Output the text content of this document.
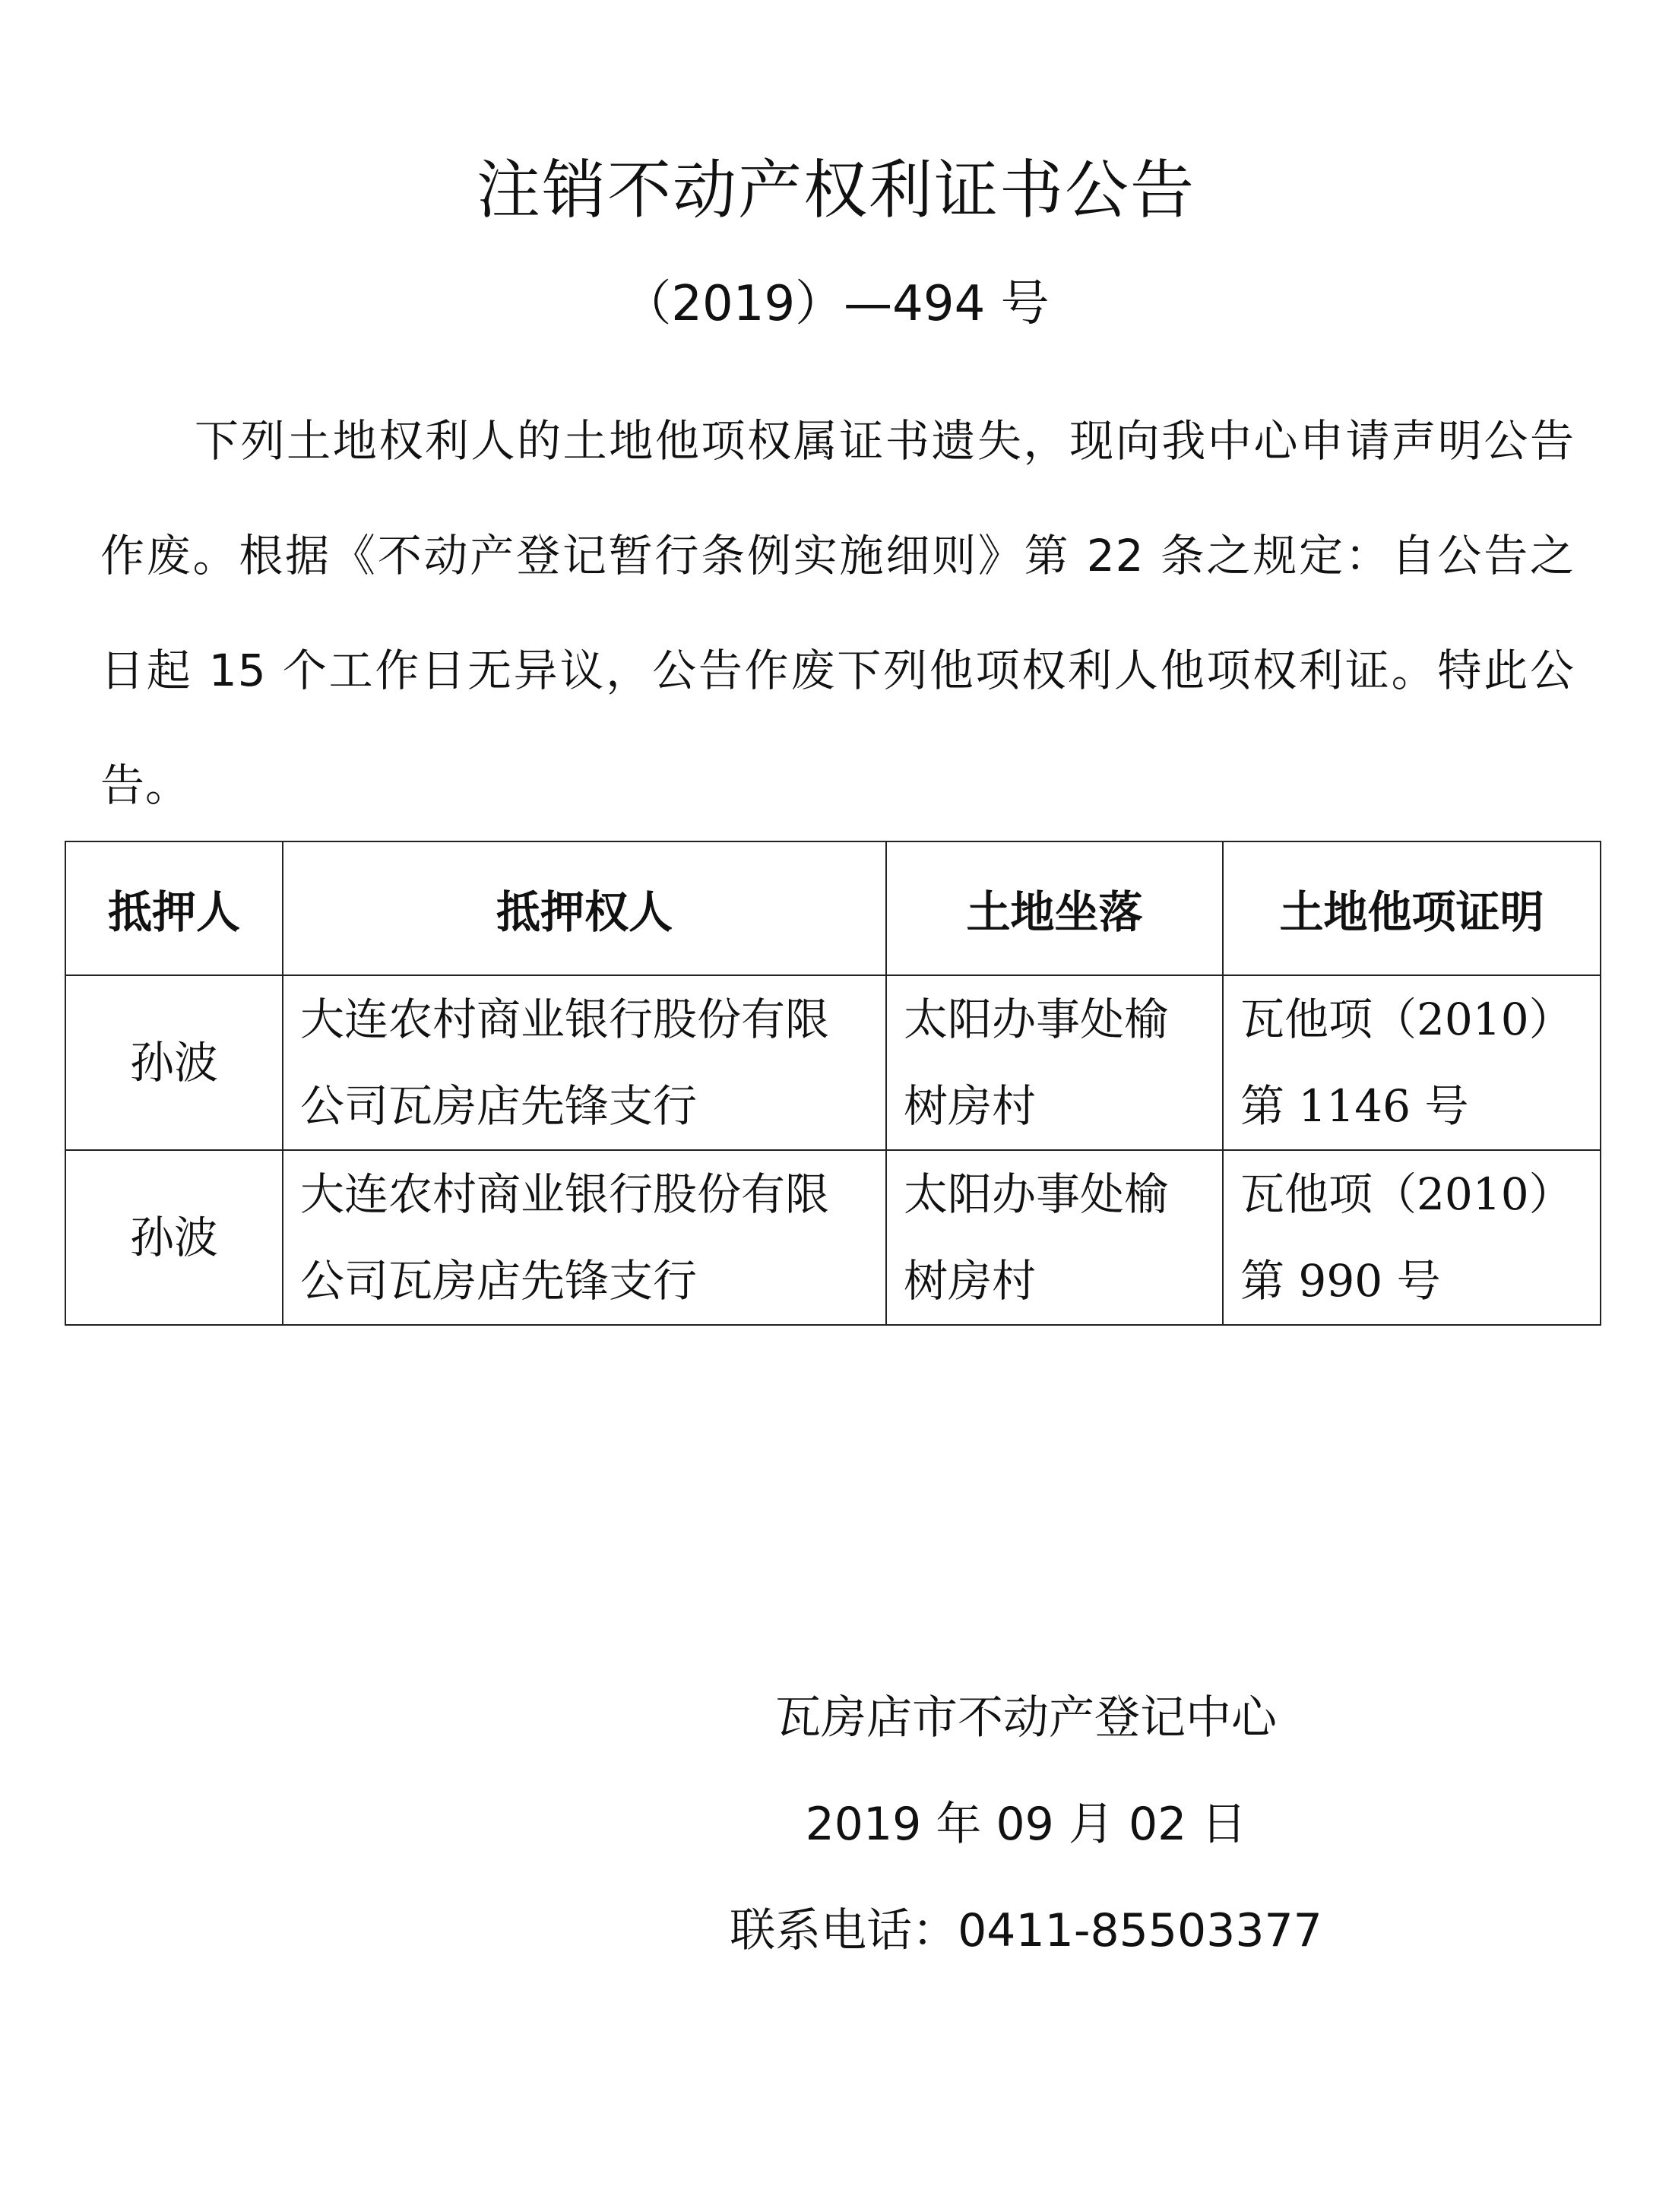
注销不动产权利证书公告
（2019）—494 号
下列土地权利人的土地他项权属证书遗失，现向我中心申请声明公告作废。根据《不动产登记暂行条例实施细则》第 22 条之规定：自公告之日起 15 个工作日无异议，公告作废下列他项权利人他项权利证。特此公告。
抵押人	抵押权人	土地坐落	土地他项证明
孙波	大连农村商业银行股份有限公司瓦房店先锋支行	太阳办事处榆树房村	瓦他项（2010）第 1146 号
孙波	大连农村商业银行股份有限公司瓦房店先锋支行	太阳办事处榆树房村	瓦他项（2010）第 990 号
瓦房店市不动产登记中心
2019 年 09 月 02 日
联系电话：0411-85503377
